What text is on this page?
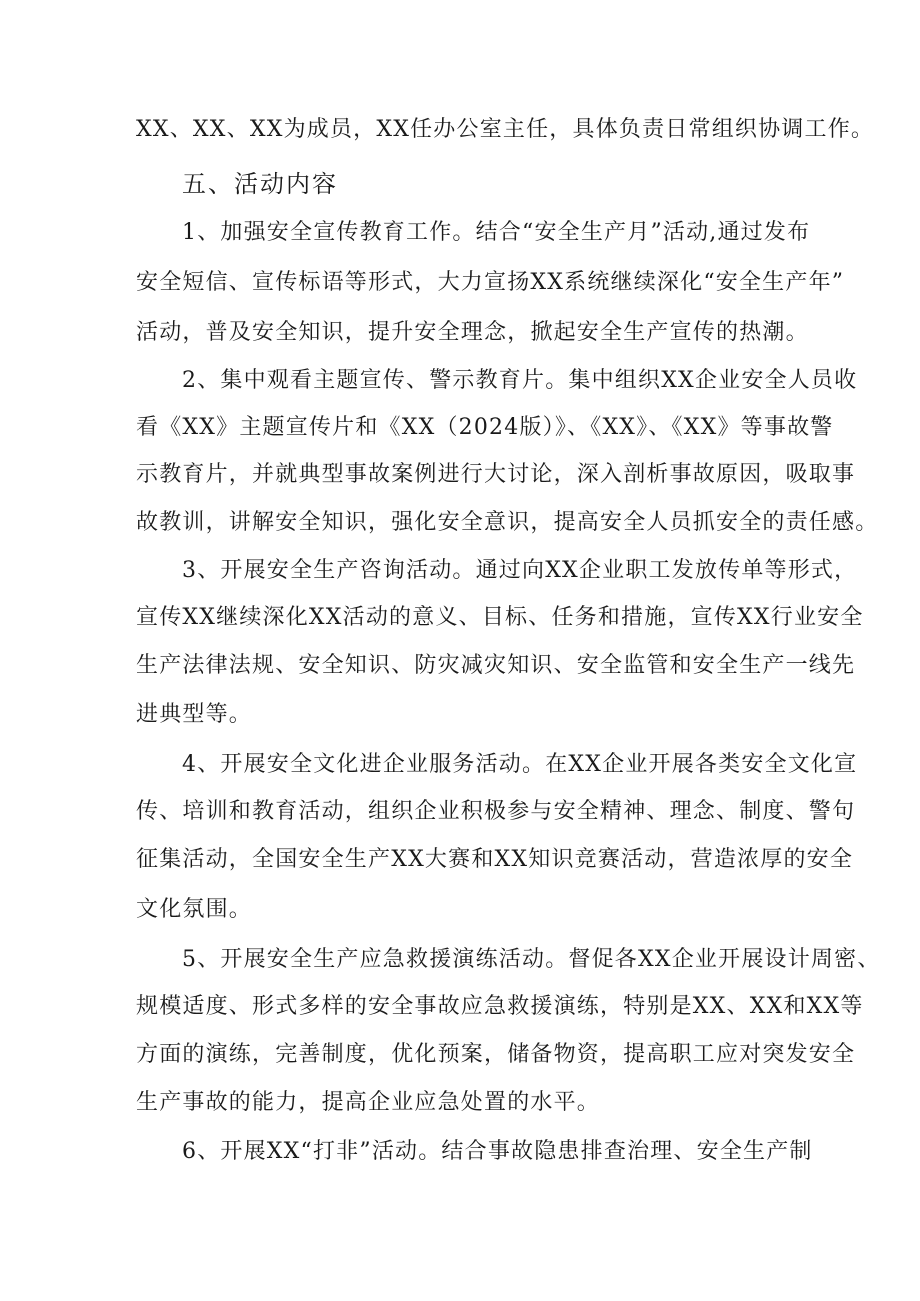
XX、XX、XX为成员，XX任办公室主任，具体负责日常组织协调工作。
五、活动内容
1、加强安全宣传教育工作。结合“安全生产月”活动,通过发布
安全短信、宣传标语等形式，大力宣扬XX系统继续深化“安全生产年”
活动，普及安全知识，提升安全理念，掀起安全生产宣传的热潮。
2、集中观看主题宣传、警示教育片。集中组织XX企业安全人员收
看《XX》主题宣传片和《XX（2024版）》、《XX》、《XX》等事故警
示教育片，并就典型事故案例进行大讨论，深入剖析事故原因，吸取事
故教训，讲解安全知识，强化安全意识，提高安全人员抓安全的责任感。
3、开展安全生产咨询活动。通过向XX企业职工发放传单等形式，
宣传XX继续深化XX活动的意义、目标、任务和措施，宣传XX行业安全
生产法律法规、安全知识、防灾减灾知识、安全监管和安全生产一线先
进典型等。
4、开展安全文化进企业服务活动。在XX企业开展各类安全文化宣
传、培训和教育活动，组织企业积极参与安全精神、理念、制度、警句
征集活动，全国安全生产XX大赛和XX知识竞赛活动，营造浓厚的安全
文化氛围。
5、开展安全生产应急救援演练活动。督促各XX企业开展设计周密、
规模适度、形式多样的安全事故应急救援演练，特别是XX、XX和XX等
方面的演练，完善制度，优化预案，储备物资，提高职工应对突发安全
生产事故的能力，提高企业应急处置的水平。
6、开展XX“打非”活动。结合事故隐患排查治理、安全生产制
